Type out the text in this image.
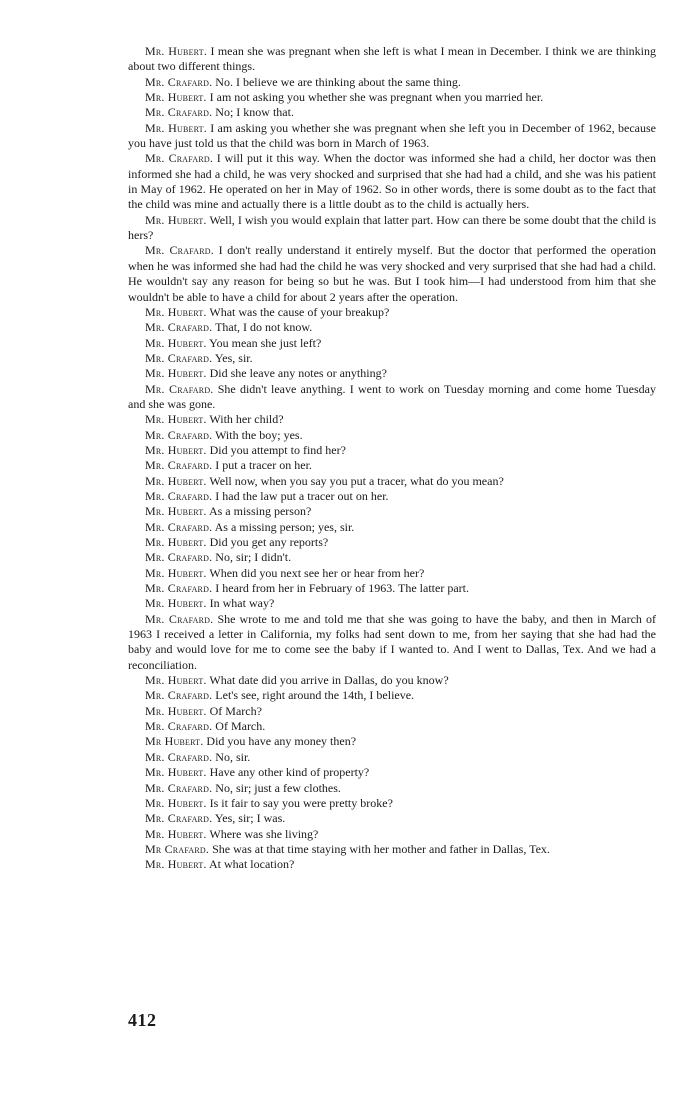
Mr. Hubert. I mean she was pregnant when she left is what I mean in December. I think we are thinking about two different things.

Mr. Crafard. No. I believe we are thinking about the same thing.

Mr. Hubert. I am not asking you whether she was pregnant when you married her.

Mr. Crafard. No; I know that.

Mr. Hubert. I am asking you whether she was pregnant when she left you in December of 1962, because you have just told us that the child was born in March of 1963.

Mr. Crafard. I will put it this way. When the doctor was informed she had a child, her doctor was then informed she had a child, he was very shocked and surprised that she had had a child, and she was his patient in May of 1962. He operated on her in May of 1962. So in other words, there is some doubt as to the fact that the child was mine and actually there is a little doubt as to the child is actually hers.

Mr. Hubert. Well, I wish you would explain that latter part. How can there be some doubt that the child is hers?

Mr. Crafard. I don't really understand it entirely myself. But the doctor that performed the operation when he was informed she had had the child he was very shocked and very surprised that she had had a child. He wouldn't say any reason for being so but he was. But I took him—I had understood from him that she wouldn't be able to have a child for about 2 years after the operation.

Mr. Hubert. What was the cause of your breakup?

Mr. Crafard. That, I do not know.

Mr. Hubert. You mean she just left?

Mr. Crafard. Yes, sir.

Mr. Hubert. Did she leave any notes or anything?

Mr. Crafard. She didn't leave anything. I went to work on Tuesday morning and come home Tuesday and she was gone.

Mr. Hubert. With her child?

Mr. Crafard. With the boy; yes.

Mr. Hubert. Did you attempt to find her?

Mr. Crafard. I put a tracer on her.

Mr. Hubert. Well now, when you say you put a tracer, what do you mean?

Mr. Crafard. I had the law put a tracer out on her.

Mr. Hubert. As a missing person?

Mr. Crafard. As a missing person; yes, sir.

Mr. Hubert. Did you get any reports?

Mr. Crafard. No, sir; I didn't.

Mr. Hubert. When did you next see her or hear from her?

Mr. Crafard. I heard from her in February of 1963. The latter part.

Mr. Hubert. In what way?

Mr. Crafard. She wrote to me and told me that she was going to have the baby, and then in March of 1963 I received a letter in California, my folks had sent down to me, from her saying that she had had the baby and would love for me to come see the baby if I wanted to. And I went to Dallas, Tex. And we had a reconciliation.

Mr. Hubert. What date did you arrive in Dallas, do you know?

Mr. Crafard. Let's see, right around the 14th, I believe.

Mr. Hubert. Of March?

Mr. Crafard. Of March.

Mr Hubert. Did you have any money then?

Mr. Crafard. No, sir.

Mr. Hubert. Have any other kind of property?

Mr. Crafard. No, sir; just a few clothes.

Mr. Hubert. Is it fair to say you were pretty broke?

Mr. Crafard. Yes, sir; I was.

Mr. Hubert. Where was she living?

Mr Crafard. She was at that time staying with her mother and father in Dallas, Tex.

Mr. Hubert. At what location?

412
